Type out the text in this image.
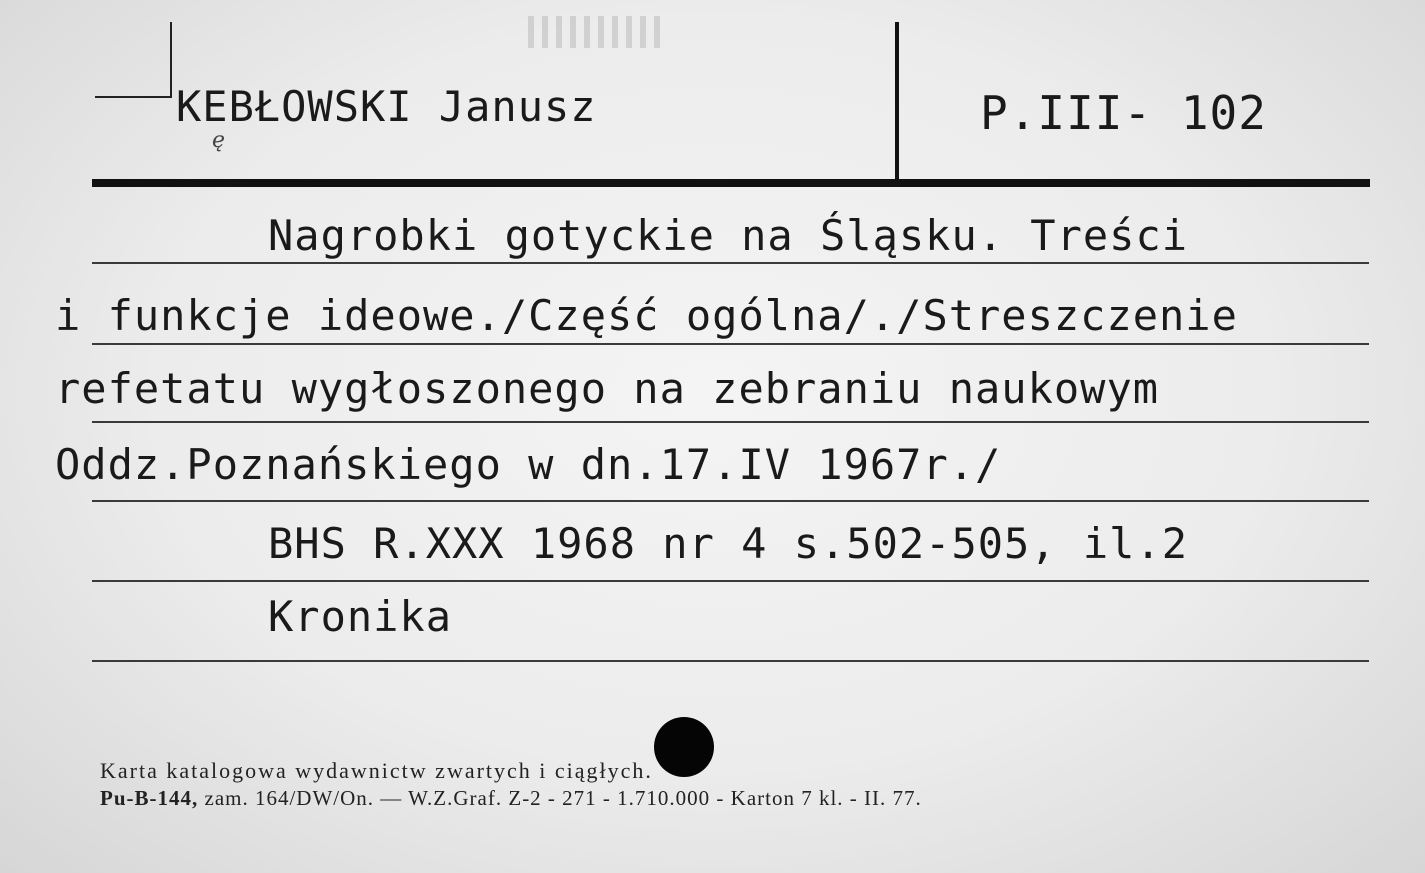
KEBŁOWSKI Janusz
ę
P.III- 102
Nagrobki gotyckie na Śląsku. Treści
i funkcje ideowe./Część ogólna/./Streszczenie
refetatu wygłoszonego na zebraniu naukowym
Oddz.Poznańskiego w dn.17.IV 1967r./
BHS R.XXX 1968 nr 4 s.502-505, il.2
Kronika
Karta katalogowa wydawnictw zwartych i ciągłych.
Pu-B-144, zam. 164/DW/On. — W.Z.Graf. Z-2 - 271 - 1.710.000 - Karton 7 kl. - II. 77.
